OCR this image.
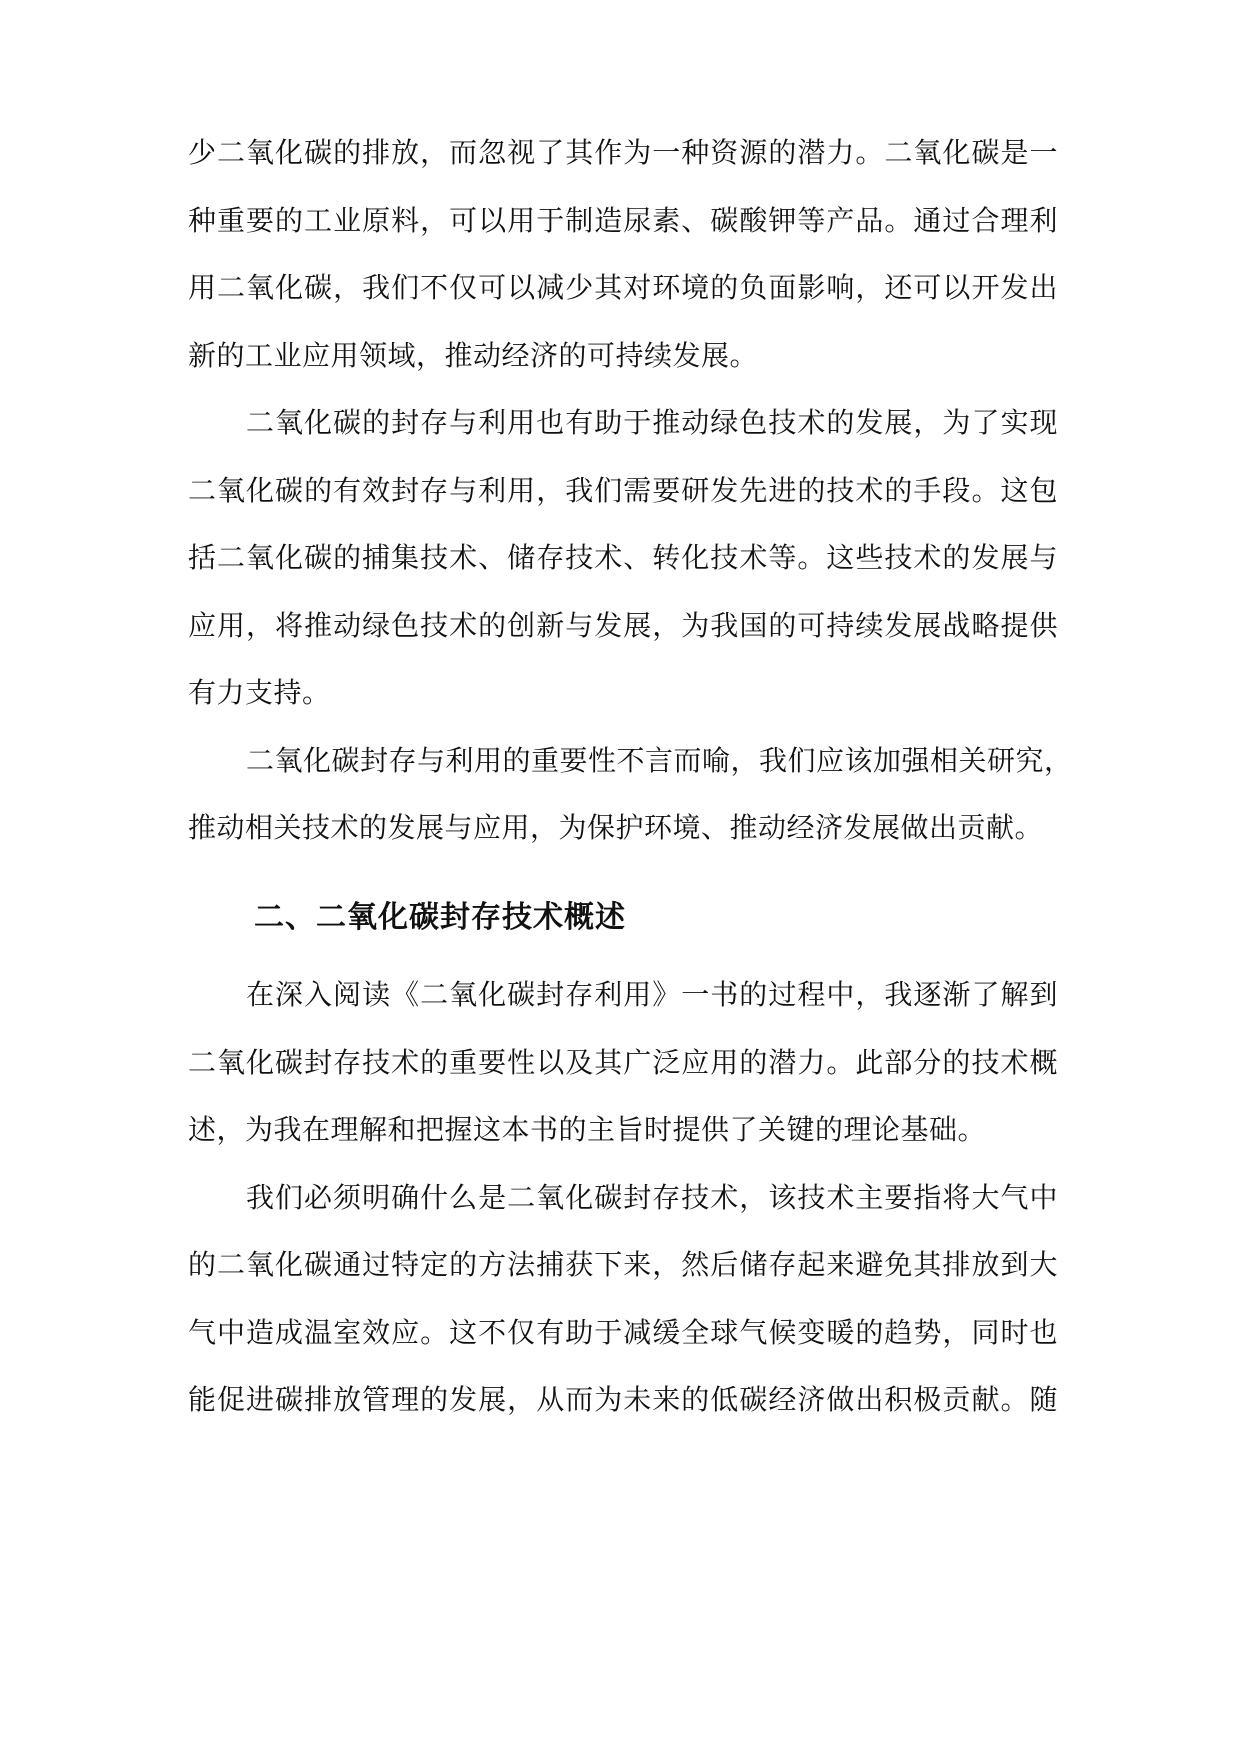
少二氧化碳的排放，而忽视了其作为一种资源的潜力。二氧化碳是一
种重要的工业原料，可以用于制造尿素、碳酸钾等产品。通过合理利
用二氧化碳，我们不仅可以减少其对环境的负面影响，还可以开发出
新的工业应用领域，推动经济的可持续发展。
二氧化碳的封存与利用也有助于推动绿色技术的发展，为了实现
二氧化碳的有效封存与利用，我们需要研发先进的技术的手段。这包
括二氧化碳的捕集技术、储存技术、转化技术等。这些技术的发展与
应用，将推动绿色技术的创新与发展，为我国的可持续发展战略提供
有力支持。
二氧化碳封存与利用的重要性不言而喻，我们应该加强相关研究，
推动相关技术的发展与应用，为保护环境、推动经济发展做出贡献。
二、二氧化碳封存技术概述
在深入阅读《二氧化碳封存利用》一书的过程中，我逐渐了解到
二氧化碳封存技术的重要性以及其广泛应用的潜力。此部分的技术概
述，为我在理解和把握这本书的主旨时提供了关键的理论基础。
我们必须明确什么是二氧化碳封存技术，该技术主要指将大气中
的二氧化碳通过特定的方法捕获下来，然后储存起来避免其排放到大
气中造成温室效应。这不仅有助于减缓全球气候变暖的趋势，同时也
能促进碳排放管理的发展，从而为未来的低碳经济做出积极贡献。随
